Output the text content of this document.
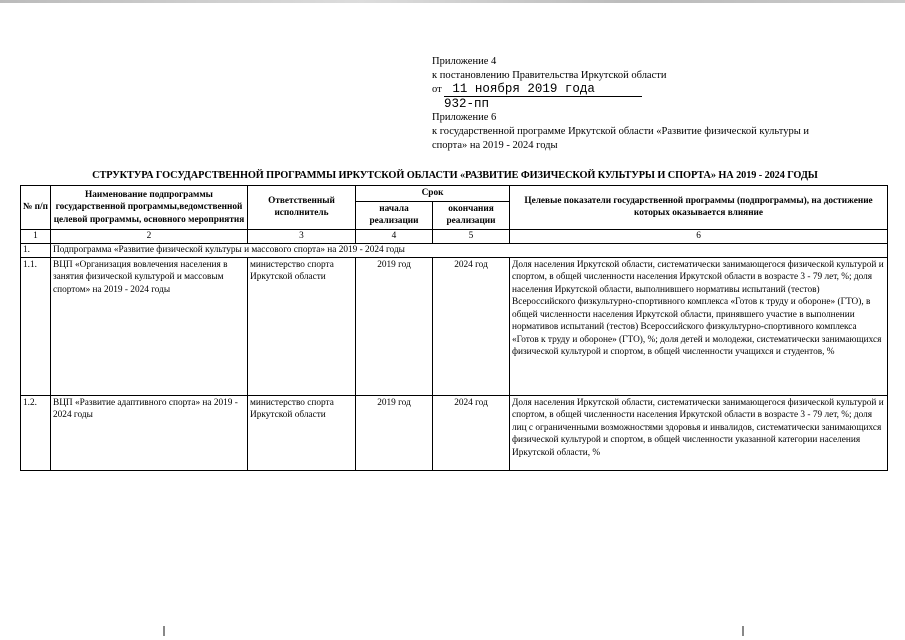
Приложение 4
к постановлению Правительства Иркутской области
от 11 ноября 2019 года
932-пп
Приложение 6
к государственной программе Иркутской области «Развитие физической культуры и
спорта» на 2019 - 2024 годы
СТРУКТУРА ГОСУДАРСТВЕННОЙ ПРОГРАММЫ ИРКУТСКОЙ ОБЛАСТИ «РАЗВИТИЕ ФИЗИЧЕСКОЙ КУЛЬТУРЫ И СПОРТА» НА 2019 - 2024 ГОДЫ
№ п/п	Наименование подпрограммы государственной программы,ведомственной целевой программы, основного мероприятия	Ответственный исполнитель	Срок		Целевые показатели государственной программы (подпрограммы), на достижение которых оказывается влияние
			начала реализации	окончания реализации	
1	2	3	4	5	6
1.	Подпрограмма «Развитие физической культуры и массового спорта» на 2019 - 2024 годы				
1.1.	ВЦП «Организация вовлечения населения в занятия физической культурой и массовым спортом» на 2019 - 2024 годы	министерство спорта Иркутской области	2019 год	2024 год	Доля населения Иркутской области, систематически занимающегося физической культурой и спортом, в общей численности населения Иркутской области в возрасте 3 - 79 лет, %; доля населения Иркутской области, выполнившего нормативы испытаний (тестов) Всероссийского физкультурно-спортивного комплекса «Готов к труду и обороне» (ГТО), в общей численности населения Иркутской области, принявшего участие в выполнении нормативов испытаний (тестов) Всероссийского физкультурно-спортивного комплекса «Готов к труду и обороне» (ГТО), %; доля детей и молодежи, систематически занимающихся физической культурой и спортом, в общей численности учащихся и студентов, %
1.2.	ВЦП «Развитие адаптивного спорта» на 2019 - 2024 годы	министерство спорта Иркутской области	2019 год	2024 год	Доля населения Иркутской области, систематически занимающегося физической культурой и спортом, в общей численности населения Иркутской области в возрасте 3 - 79 лет, %; доля лиц с ограниченными возможностями здоровья и инвалидов, систематически занимающихся физической культурой и спортом, в общей численности указанной категории населения Иркутской области, %
